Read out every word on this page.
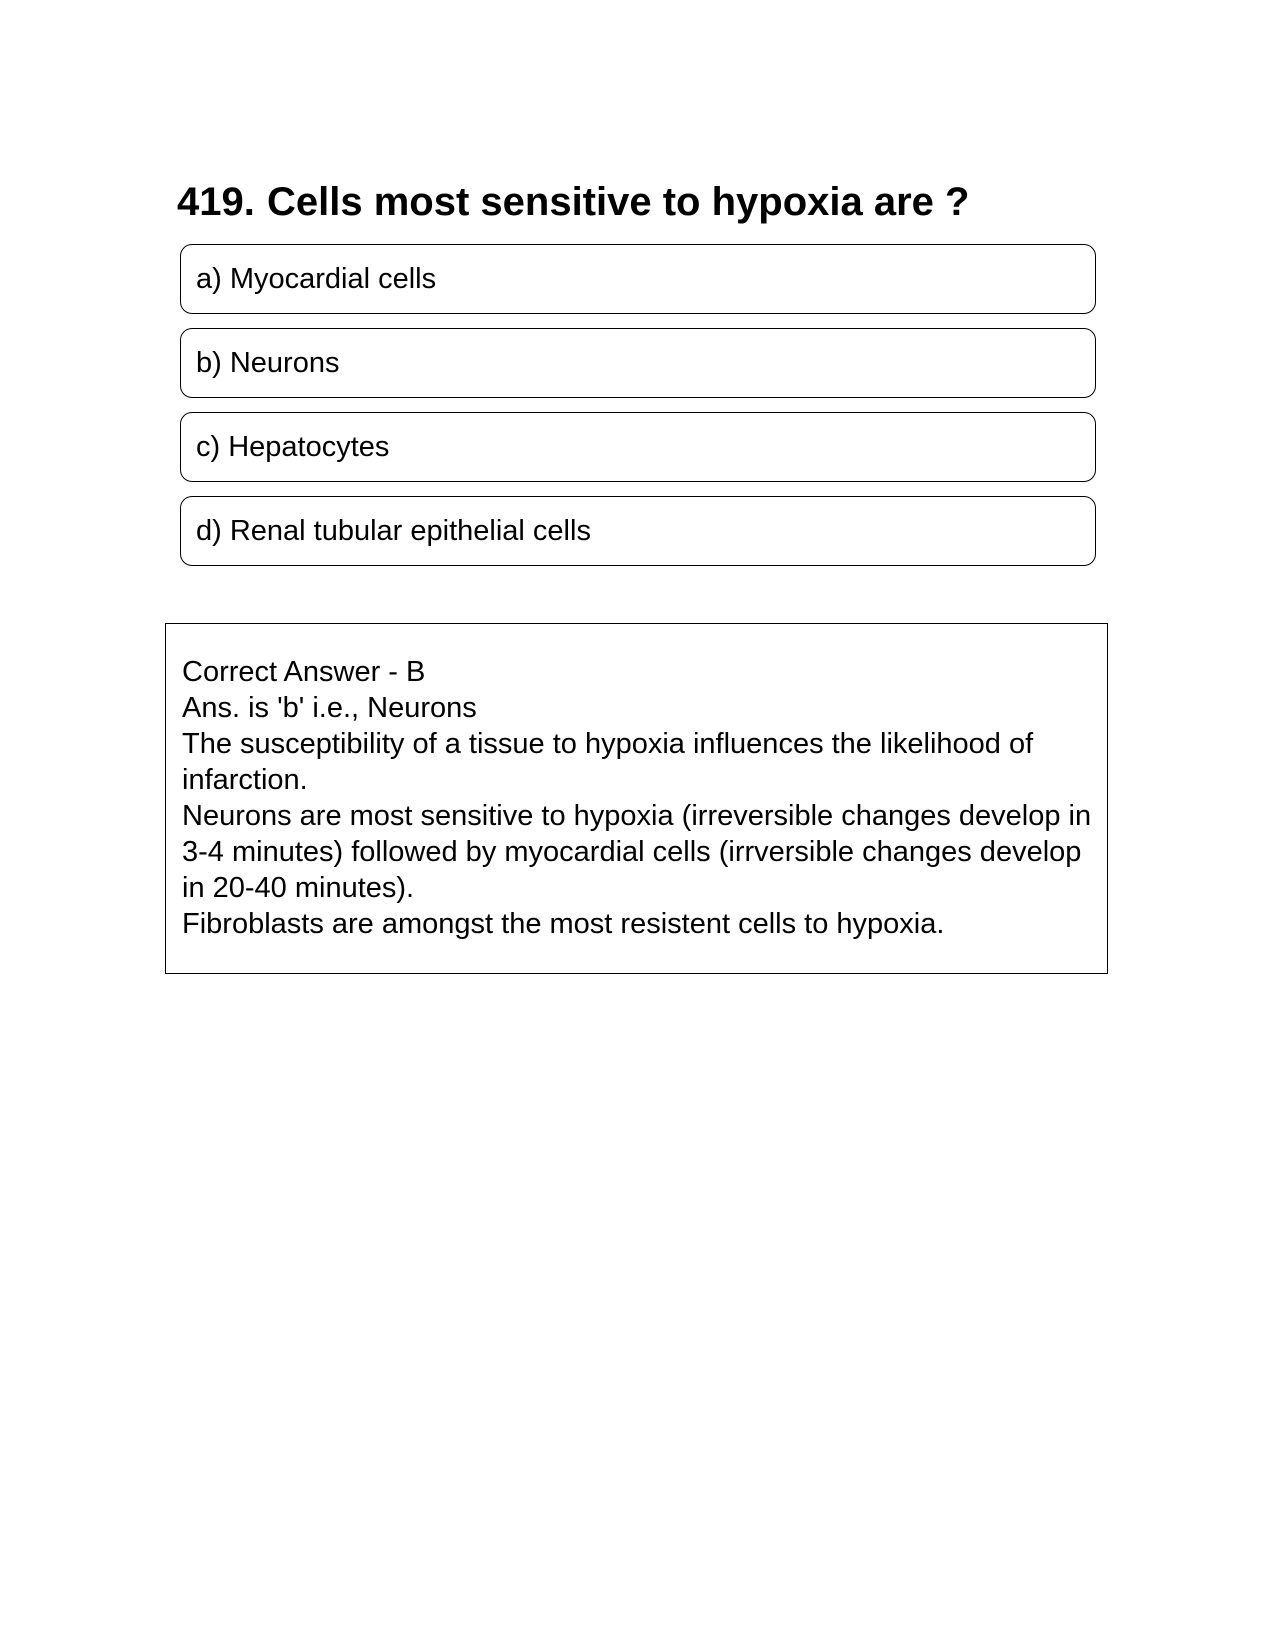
419. Cells most sensitive to hypoxia are ?
a) Myocardial cells
b) Neurons
c) Hepatocytes
d) Renal tubular epithelial cells

Correct Answer - B

Ans. is 'b' i.e., Neurons

The susceptibility of a tissue to hypoxia influences the likelihood of infarction.

Neurons are most sensitive to hypoxia (irreversible changes develop in 3-4 minutes) followed by myocardial cells (irrversible changes develop in 20-40 minutes).

Fibroblasts are amongst the most resistent cells to hypoxia.
